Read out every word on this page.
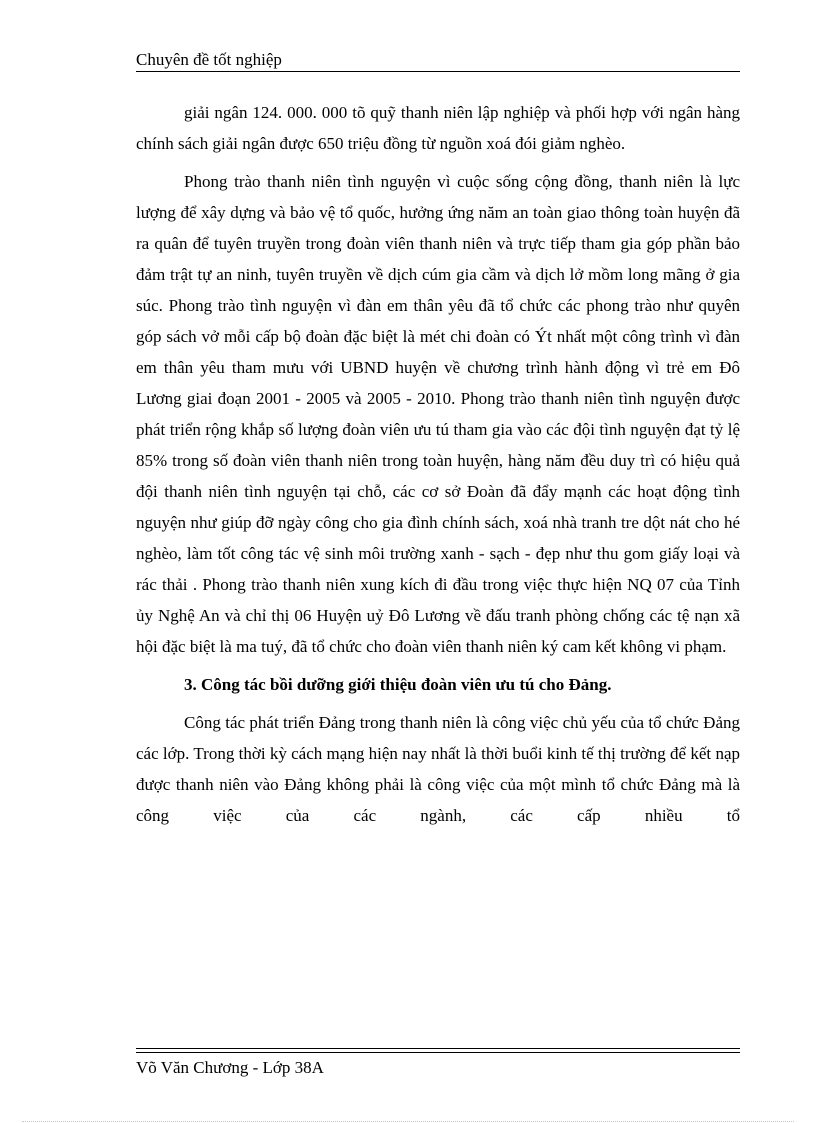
Chuyên đề tốt nghiệp

giải ngân 124. 000. 000 tõ quỹ thanh niên lập nghiệp và phối hợp với ngân hàng chính sách giải ngân được 650 triệu đồng từ nguồn xoá đói giảm nghèo.

Phong trào thanh niên tình nguyện vì cuộc sống cộng đồng, thanh niên là lực lượng để xây dựng và bảo vệ tổ quốc, hưởng ứng năm an toàn giao thông toàn huyện đã ra quân để tuyên truyền trong đoàn viên thanh niên và trực tiếp tham gia góp phần bảo đảm trật tự an ninh, tuyên truyền về dịch cúm gia cầm và dịch lở mồm long mãng ở gia súc. Phong trào tình nguyện vì đàn em thân yêu đã tổ chức các phong trào như quyên góp sách vở mỗi cấp bộ đoàn đặc biệt là mét chi đoàn có Ýt nhất một công trình vì đàn em thân yêu tham mưu với UBND huyện về chương trình hành động vì trẻ em Đô Lương giai đoạn 2001 - 2005 và 2005 - 2010. Phong trào thanh niên tình nguyện được phát triển rộng khắp số lượng đoàn viên ưu tú tham gia vào các đội tình nguyện đạt tỷ lệ 85% trong số đoàn viên thanh niên trong toàn huyện, hàng năm đều duy trì có hiệu quả đội thanh niên tình nguyện tại chỗ, các cơ sở Đoàn đã đẩy mạnh các hoạt động tình nguyện như giúp đỡ ngày công cho gia đình chính sách, xoá nhà tranh tre dột nát cho hé nghèo, làm tốt công tác vệ sinh môi trường xanh - sạch - đẹp như thu gom giấy loại và rác thải . Phong trào thanh niên xung kích đi đầu trong việc thực hiện NQ 07 của Tỉnh ủy Nghệ An và chỉ thị 06 Huyện uỷ Đô Lương về đấu tranh phòng chống các tệ nạn xã hội đặc biệt là ma tuý, đã tổ chức cho đoàn viên thanh niên ký cam kết không vi phạm.

3. Công tác bồi dưỡng giới thiệu đoàn viên ưu tú cho Đảng.

Công tác phát triển Đảng trong thanh niên là công việc chủ yếu của tổ chức Đảng các lớp. Trong thời kỳ cách mạng hiện nay nhất là thời buổi kinh tế thị trường để kết nạp được thanh niên vào Đảng không phải là công việc của một mình tổ chức Đảng mà là công việc của các ngành, các cấp nhiều tổ

Võ Văn Chương - Lớp 38A
